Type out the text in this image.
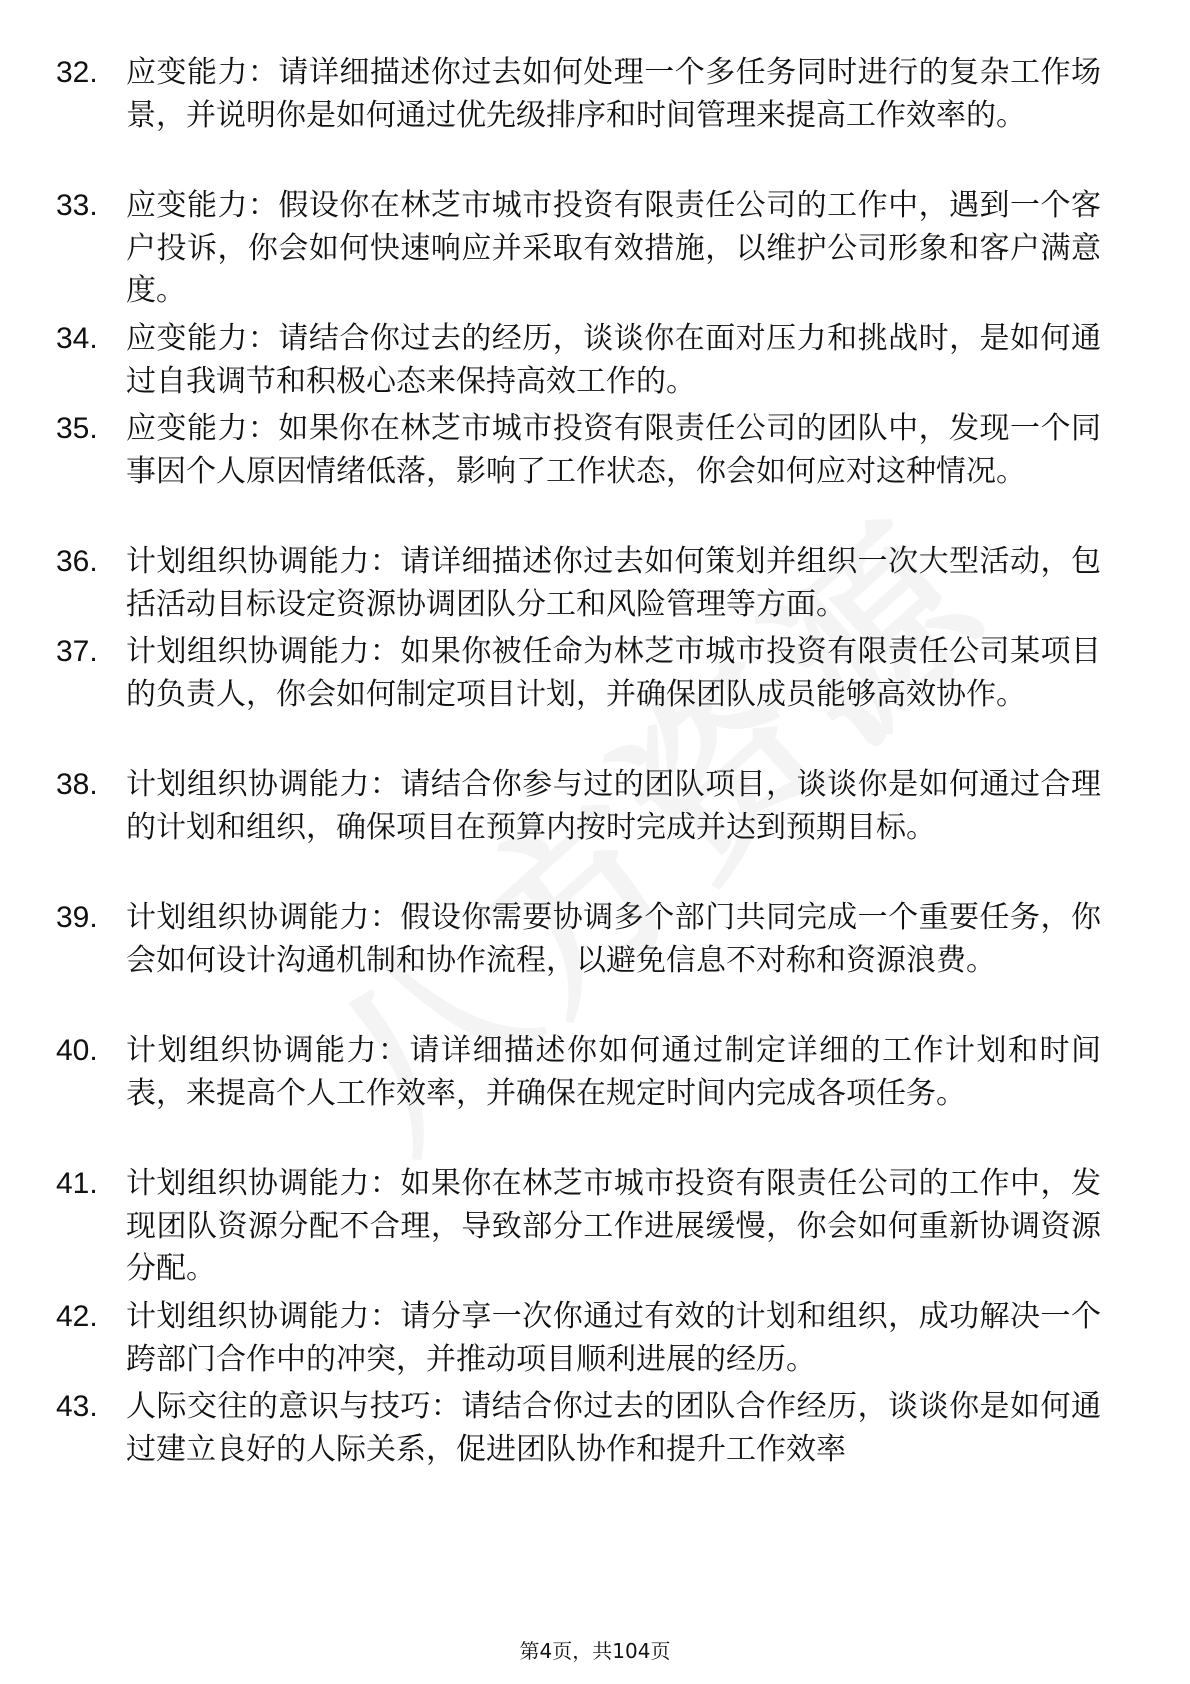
32. 应变能力：请详细描述你过去如何处理一个多任务同时进行的复杂工作场景，并说明你是如何通过优先级排序和时间管理来提高工作效率的。
33. 应变能力：假设你在林芝市城市投资有限责任公司的工作中，遇到一个客户投诉，你会如何快速响应并采取有效措施，以维护公司形象和客户满意度。
34. 应变能力：请结合你过去的经历，谈谈你在面对压力和挑战时，是如何通过自我调节和积极心态来保持高效工作的。
35. 应变能力：如果你在林芝市城市投资有限责任公司的团队中，发现一个同事因个人原因情绪低落，影响了工作状态，你会如何应对这种情况。
36. 计划组织协调能力：请详细描述你过去如何策划并组织一次大型活动，包括活动目标设定资源协调团队分工和风险管理等方面。
37. 计划组织协调能力：如果你被任命为林芝市城市投资有限责任公司某项目的负责人，你会如何制定项目计划，并确保团队成员能够高效协作。
38. 计划组织协调能力：请结合你参与过的团队项目，谈谈你是如何通过合理的计划和组织，确保项目在预算内按时完成并达到预期目标。
39. 计划组织协调能力：假设你需要协调多个部门共同完成一个重要任务，你会如何设计沟通机制和协作流程，以避免信息不对称和资源浪费。
40. 计划组织协调能力：请详细描述你如何通过制定详细的工作计划和时间表，来提高个人工作效率，并确保在规定时间内完成各项任务。
41. 计划组织协调能力：如果你在林芝市城市投资有限责任公司的工作中，发现团队资源分配不合理，导致部分工作进展缓慢，你会如何重新协调资源分配。
42. 计划组织协调能力：请分享一次你通过有效的计划和组织，成功解决一个跨部门合作中的冲突，并推动项目顺利进展的经历。
43. 人际交往的意识与技巧：请结合你过去的团队合作经历，谈谈你是如何通过建立良好的人际关系，促进团队协作和提升工作效率
第4页，共104页
